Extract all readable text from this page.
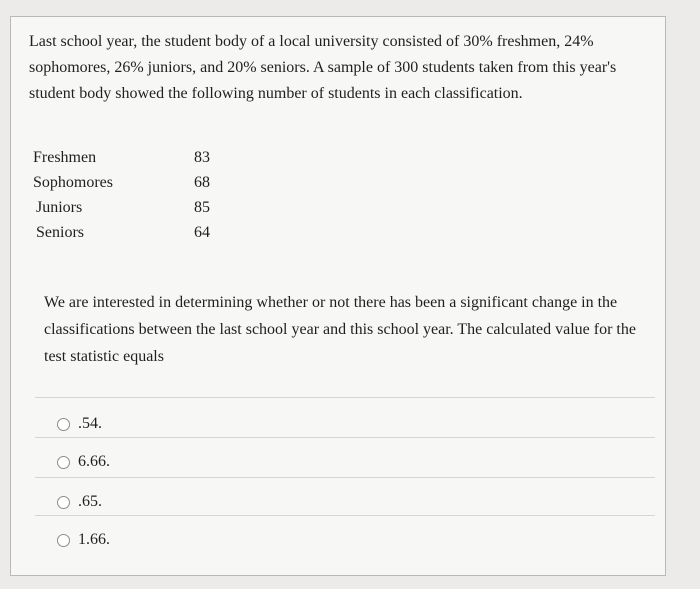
Last school year, the student body of a local university consisted of 30% freshmen, 24% sophomores, 26% juniors, and 20% seniors. A sample of 300 students taken from this year's student body showed the following number of students in each classification.

Freshmen	83
Sophomores	68
Juniors	85
Seniors	64

We are interested in determining whether or not there has been a significant change in the classifications between the last school year and this school year. The calculated value for the test statistic equals

.54.
6.66.
.65.
1.66.
